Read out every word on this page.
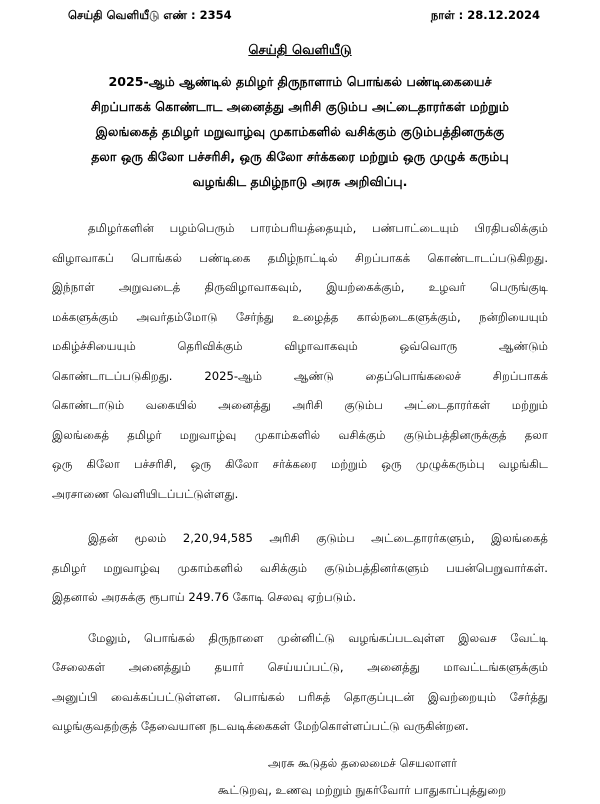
செய்தி வெளியீடு எண் : 2354	நாள் : 28.12.2024
செய்தி வெளியீடு
2025-ஆம் ஆண்டில் தமிழர் திருநாளாம் பொங்கல் பண்டிகையைச்
சிறப்பாகக் கொண்டாட அனைத்து அரிசி குடும்ப அட்டைதாரர்கள் மற்றும்
இலங்கைத் தமிழர் மறுவாழ்வு முகாம்களில் வசிக்கும் குடும்பத்தினருக்கு
தலா ஒரு கிலோ பச்சரிசி, ஒரு கிலோ சர்க்கரை மற்றும் ஒரு முழுக் கரும்பு
வழங்கிட தமிழ்நாடு அரசு அறிவிப்பு.
தமிழர்களின் பழம்பெரும் பாரம்பரியத்தையும், பண்பாட்டையும் பிரதிபலிக்கும்
விழாவாகப் பொங்கல் பண்டிகை தமிழ்நாட்டில் சிறப்பாகக் கொண்டாடப்படுகிறது.
இந்நாள் அறுவடைத் திருவிழாவாகவும், இயற்கைக்கும், உழவர் பெருங்குடி
மக்களுக்கும் அவர்தம்மோடு சேர்ந்து உழைத்த கால்நடைகளுக்கும், நன்றியையும்
மகிழ்ச்சியையும் தெரிவிக்கும் விழாவாகவும் ஒவ்வொரு ஆண்டும்
கொண்டாடப்படுகிறது. 2025-ஆம் ஆண்டு தைப்பொங்கலைச் சிறப்பாகக்
கொண்டாடும் வகையில் அனைத்து அரிசி குடும்ப அட்டைதாரர்கள் மற்றும்
இலங்கைத் தமிழர் மறுவாழ்வு முகாம்களில் வசிக்கும் குடும்பத்தினருக்குத் தலா
ஒரு கிலோ பச்சரிசி, ஒரு கிலோ சர்க்கரை மற்றும் ஒரு முழுக்கரும்பு வழங்கிட
அரசாணை வெளியிடப்பட்டுள்ளது.
இதன் மூலம் 2,20,94,585 அரிசி குடும்ப அட்டைதாரர்களும், இலங்கைத்
தமிழர் மறுவாழ்வு முகாம்களில் வசிக்கும் குடும்பத்தினர்களும் பயன்பெறுவார்கள்.
இதனால் அரசுக்கு ரூபாய் 249.76 கோடி செலவு ஏற்படும்.
மேலும், பொங்கல் திருநாளை முன்னிட்டு வழங்கப்படவுள்ள இலவச வேட்டி
சேலைகள் அனைத்தும் தயார் செய்யப்பட்டு, அனைத்து மாவட்டங்களுக்கும்
அனுப்பி வைக்கப்பட்டுள்ளன. பொங்கல் பரிசுத் தொகுப்புடன் இவற்றையும் சேர்த்து
வழங்குவதற்குத் தேவையான நடவடிக்கைகள் மேற்கொள்ளப்பட்டு வருகின்றன.
அரசு கூடுதல் தலைமைச் செயலாளர்
கூட்டுறவு, உணவு மற்றும் நுகர்வோர் பாதுகாப்புத்துறை
